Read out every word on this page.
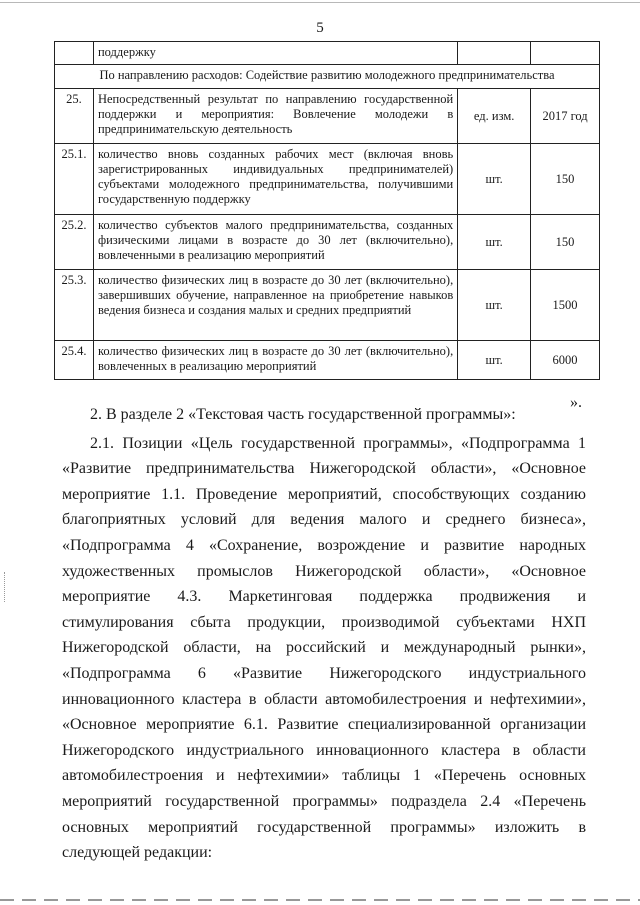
5
	поддержку		
По направлению расходов: Содействие развитию молодежного предпринимательства			
25.	Непосредственный результат по направлению государственной поддержки и мероприятия: Вовлечение молодежи в предпринимательскую деятельность	ед. изм.	2017 год
25.1.	количество вновь созданных рабочих мест (включая вновь зарегистрированных индивидуальных предпринимателей) субъектами молодежного предпринимательства, получившими государственную поддержку	шт.	150
25.2.	количество субъектов малого предпринимательства, созданных физическими лицами в возрасте до 30 лет (включительно), вовлеченными в реализацию мероприятий	шт.	150
25.3.	количество физических лиц в возрасте до 30 лет (включительно), завершивших обучение, направленное на приобретение навыков ведения бизнеса и создания малых и средних предприятий	шт.	1500
25.4.	количество физических лиц в возрасте до 30 лет (включительно), вовлеченных в реализацию мероприятий	шт.	6000
».

2. В разделе 2 «Текстовая часть государственной программы»:

2.1. Позиции «Цель государственной программы», «Подпрограмма 1 «Развитие предпринимательства Нижегородской области», «Основное мероприятие 1.1. Проведение мероприятий, способствующих созданию благоприятных условий для ведения малого и среднего бизнеса», «Подпрограмма 4 «Сохранение, возрождение и развитие народных художественных промыслов Нижегородской области», «Основное мероприятие 4.3. Маркетинговая поддержка продвижения и стимулирования сбыта продукции, производимой субъектами НХП Нижегородской области, на российский и международный рынки», «Подпрограмма 6 «Развитие Нижегородского индустриального инновационного кластера в области автомобилестроения и нефтехимии», «Основное мероприятие 6.1. Развитие специализированной организации Нижегородского индустриального инновационного кластера в области автомобилестроения и нефтехимии» таблицы 1 «Перечень основных мероприятий государственной программы» подраздела 2.4 «Перечень основных мероприятий государственной программы» изложить в следующей редакции:
